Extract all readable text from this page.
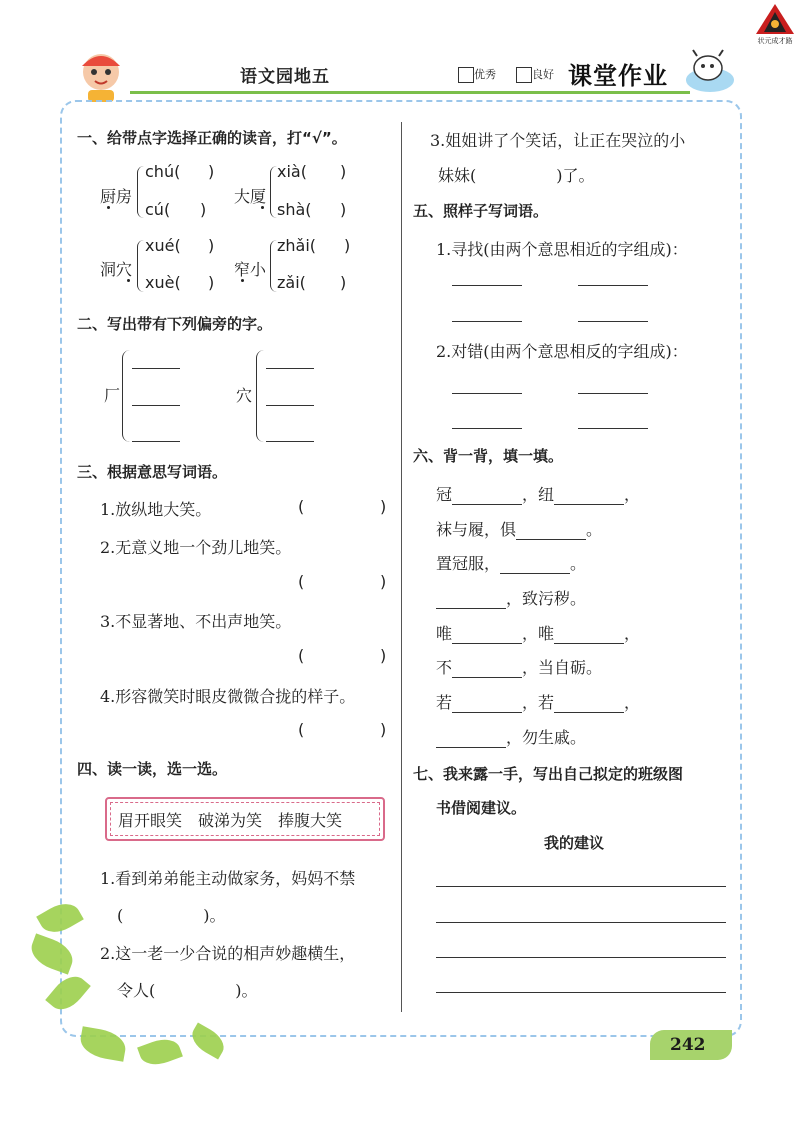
状元成才路
语文园地五	优秀	良好 课堂作业
一、给带点字选择正确的读音，打“√”。
厨房
chú( )
cú( )
大厦
xià( )
shà( )
洞穴
xué( )
xuè( )
窄小
zhǎi( )
zǎi( )
二、写出带有下列偏旁的字。
厂	穴
三、根据意思写词语。
1.放纵地大笑。	(	)
2.无意义地一个劲儿地笑。
(	)
3.不显著地、不出声地笑。
(	)
4.形容微笑时眼皮微微合拢的样子。
(	)
四、读一读，选一选。
眉开眼笑　破涕为笑　捧腹大笑
1.看到弟弟能主动做家务，妈妈不禁
(　　　　　)。
2.这一老一少合说的相声妙趣横生，
令人(　　　　　)。
3.姐姐讲了个笑话，让正在哭泣的小
妹妹(　　　　　)了。
五、照样子写词语。
1.寻找(由两个意思相近的字组成)：
2.对错(由两个意思相反的字组成)：
六、背一背，填一填。
冠	，纽	，
袜与履，俱	。
置冠服，	。
，致污秽。
唯	，唯	，
不	，当自砺。
若	，若	，
，勿生戚。
七、我来露一手，写出自己拟定的班级图
书借阅建议。
我的建议
242
